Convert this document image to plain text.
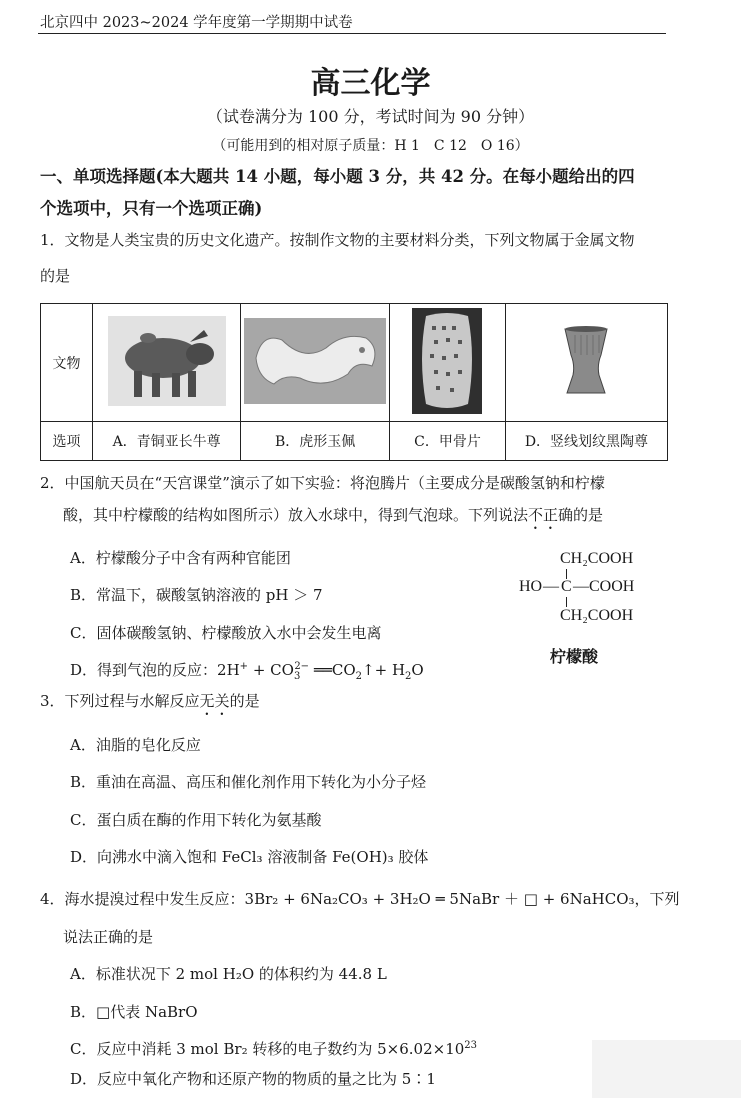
北京四中 2023~2024 学年度第一学期期中试卷
高三化学
（试卷满分为 100 分，考试时间为 90 分钟）
（可能用到的相对原子质量：H 1　C 12　O 16）
一、单项选择题(本大题共 14 小题，每小题 3 分，共 42 分。在每小题给出的四
个选项中，只有一个选项正确)
1．文物是人类宝贵的历史文化遗产。按制作文物的主要材料分类，下列文物属于金属文物
的是
文物				
选项	A．青铜亚长牛尊	B．虎形玉佩	C．甲骨片	D．竖线划纹黑陶尊
2．中国航天员在“天宫课堂”演示了如下实验：将泡腾片（主要成分是碳酸氢钠和柠檬
酸，其中柠檬酸的结构如图所示）放入水球中，得到气泡球。下列说法不正确的是
A．柠檬酸分子中含有两种官能团
B．常温下，碳酸氢钠溶液的 pH ＞ 7
C．固体碳酸氢钠、柠檬酸放入水中会发生电离
D．得到气泡的反应：$2H^+ + CO_3^{2-}$ $══CO_2↑+ H_2O$
CH₂COOH
HO — C — COOH
CH₂COOH
柠檬酸
3．下列过程与水解反应无关的是
A．油脂的皂化反应
B．重油在高温、高压和催化剂作用下转化为小分子烃
C．蛋白质在酶的作用下转化为氨基酸
D．向沸水中滴入饱和 FeCl₃ 溶液制备 Fe(OH)₃ 胶体
4．海水提溴过程中发生反应：3Br₂ + 6Na₂CO₃ + 3H₂O ═ 5NaBr ＋ □ + 6NaHCO₃，下列
说法正确的是
A．标准状况下 2 mol H₂O 的体积约为 44.8 L
B．□代表 NaBrO
C．反应中消耗 3 mol Br₂ 转移的电子数约为 $5\times 6.02\times 10^{23}$
D．反应中氧化产物和还原产物的物质的量之比为 5∶1
